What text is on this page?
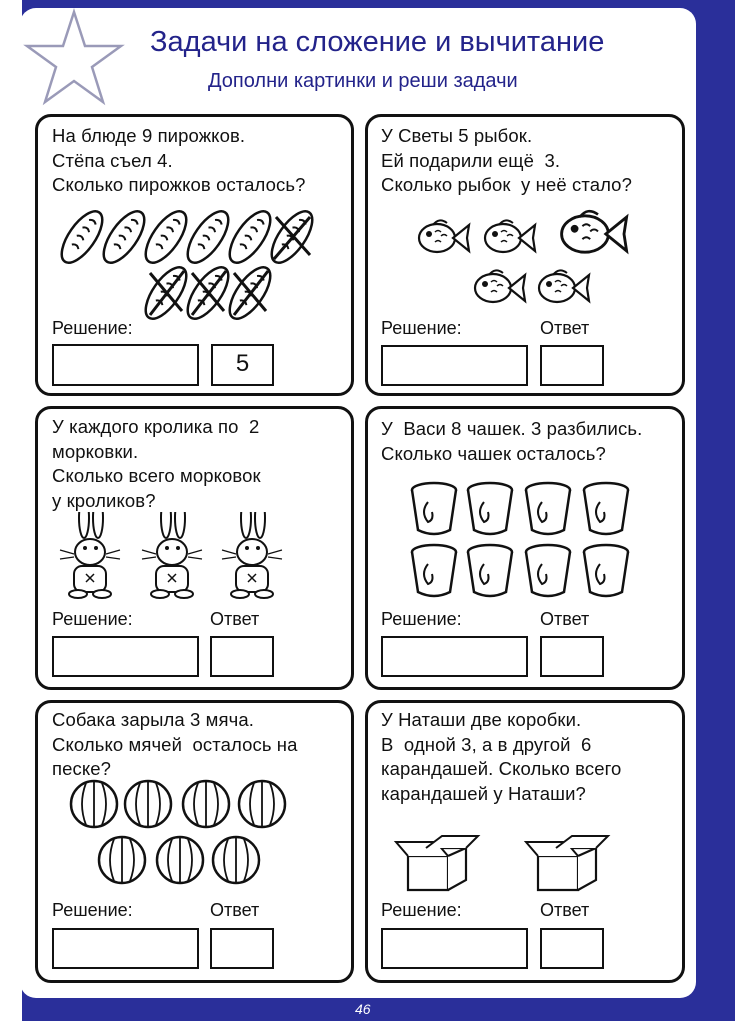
Задачи на сложение и вычитание
Дополни картинки и реши задачи
На блюде 9 пирожков.
Стёпа съел 4.
Сколько пирожков осталось?
Решение:
5
У Светы 5 рыбок.
Ей подарили ещё  3.
Сколько рыбок  у неё стало?
Решение:	Ответ
У каждого кролика по  2
морковки.
Сколько всего морковок
у кроликов?
Решение:	Ответ
У  Васи 8 чашек. 3 разбились.
Сколько чашек осталось?
Решение:	Ответ
Собака зарыла 3 мяча.
Сколько мячей  осталось на
песке?
Решение:	Ответ
У Наташи две коробки.
В  одной 3, а в другой  6
карандашей. Сколько всего
карандашей у Наташи?
Решение:	Ответ
46
